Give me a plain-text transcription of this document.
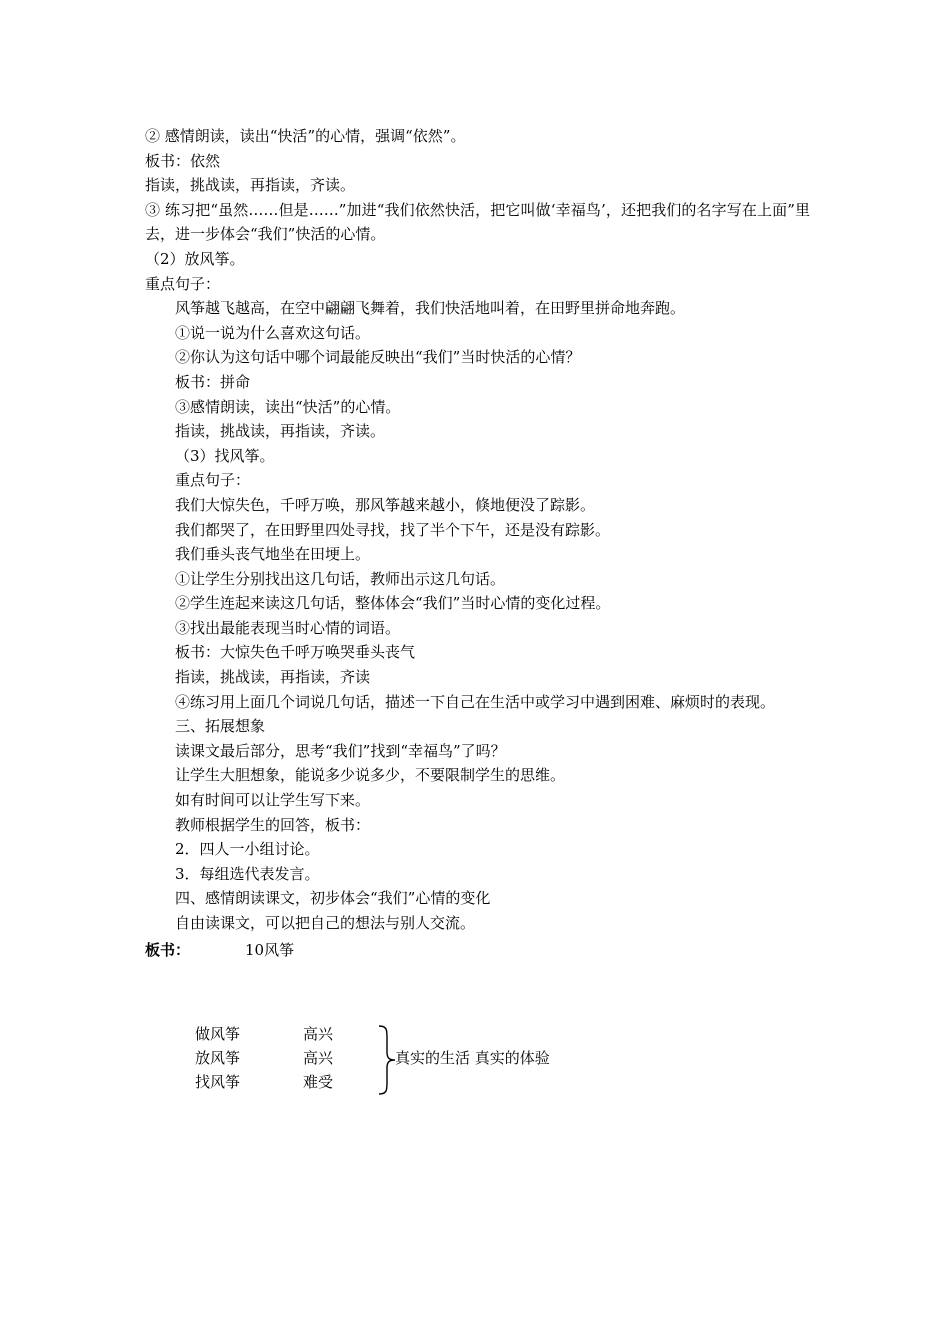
② 感情朗读，读出“快活”的心情，强调“依然”。

板书：依然

指读，挑战读，再指读，齐读。

③ 练习把“虽然……但是……”加进“我们依然快活，把它叫做‘幸福鸟’，还把我们的名字写在上面”里去，进一步体会“我们”快活的心情。

（2）放风筝。

重点句子：

风筝越飞越高，在空中翩翩飞舞着，我们快活地叫着，在田野里拼命地奔跑。

①说一说为什么喜欢这句话。

②你认为这句话中哪个词最能反映出“我们”当时快活的心情？

板书：拼命

③感情朗读，读出“快活”的心情。

指读，挑战读，再指读，齐读。

（3）找风筝。

重点句子：

我们大惊失色，千呼万唤，那风筝越来越小，倏地便没了踪影。

我们都哭了，在田野里四处寻找，找了半个下午，还是没有踪影。

我们垂头丧气地坐在田埂上。

①让学生分别找出这几句话，教师出示这几句话。

②学生连起来读这几句话，整体体会“我们”当时心情的变化过程。

③找出最能表现当时心情的词语。

板书：大惊失色千呼万唤哭垂头丧气

指读，挑战读，再指读，齐读

④练习用上面几个词说几句话，描述一下自己在生活中或学习中遇到困难、麻烦时的表现。

三、拓展想象

读课文最后部分，思考“我们”找到“幸福鸟”了吗？

让学生大胆想象，能说多少说多少，不要限制学生的思维。

如有时间可以让学生写下来。

教师根据学生的回答，板书：

2．四人一小组讨论。

3．每组选代表发言。

四、感情朗读课文，初步体会“我们”心情的变化

自由读课文，可以把自己的想法与别人交流。

板书：	10风筝
做风筝	高兴
放风筝	高兴
找风筝	难受
真实的生活 真实的体验
